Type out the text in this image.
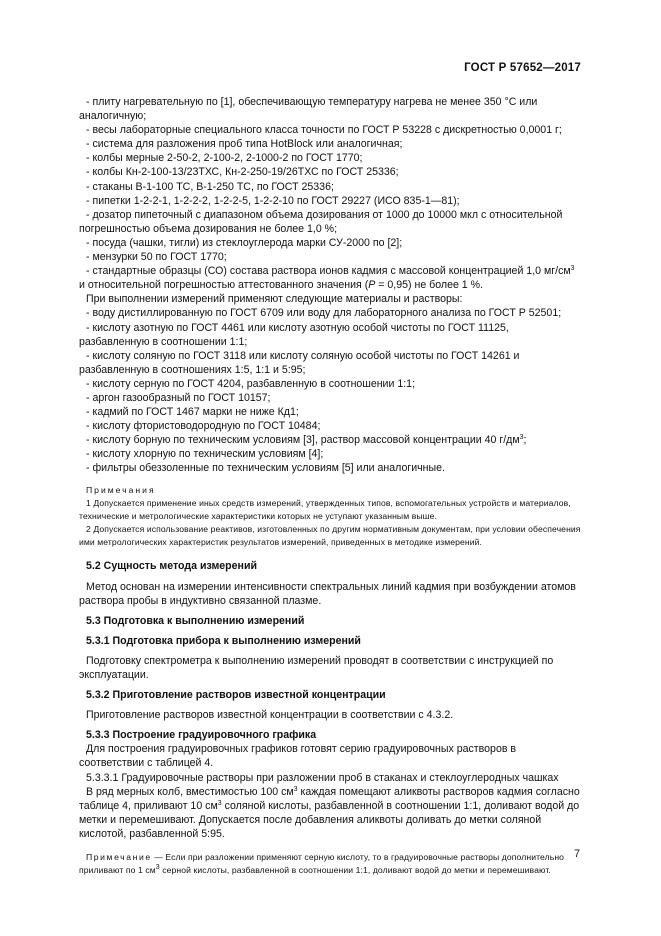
ГОСТ Р 57652—2017

- плиту нагревательную по [1], обеспечивающую температуру нагрева не менее 350 °С или аналогичную;

- весы лабораторные специального класса точности по ГОСТ Р 53228 с дискретностью 0,0001 г;

- система для разложения проб типа HotBlock или аналогичная;

- колбы мерные 2-50-2, 2-100-2, 2-1000-2 по ГОСТ 1770;

- колбы Кн-2-100-13/23ТХС, Кн-2-250-19/26ТХС по ГОСТ 25336;

- стаканы В-1-100 ТС, В-1-250 ТС, по ГОСТ 25336;

- пипетки 1-2-2-1, 1-2-2-2, 1-2-2-5, 1-2-2-10 по ГОСТ 29227 (ИСО 835-1—81);

- дозатор пипеточный с диапазоном объема дозирования от 1000 до 10000 мкл с относительной погрешностью объема дозирования не более 1,0 %;

- посуда (чашки, тигли) из стеклоуглерода марки СУ-2000 по [2];

- мензурки 50 по ГОСТ 1770;

- стандартные образцы (СО) состава раствора ионов кадмия с массовой концентрацией 1,0 $мг/см^3$ и относительной погрешностью аттестованного значения (Р = 0,95) не более 1 %.

При выполнении измерений применяют следующие материалы и растворы:

- воду дистиллированную по ГОСТ 6709 или воду для лабораторного анализа по ГОСТ Р 52501;

- кислоту азотную по ГОСТ 4461 или кислоту азотную особой чистоты по ГОСТ 11125, разбавленную в соотношении 1:1;

- кислоту соляную по ГОСТ 3118 или кислоту соляную особой чистоты по ГОСТ 14261 и разбавленную в соотношениях 1:5, 1:1 и 5:95;

- кислоту серную по ГОСТ 4204, разбавленную в соотношении 1:1;

- аргон газообразный по ГОСТ 10157;

- кадмий по ГОСТ 1467 марки не ниже Кд1;

- кислоту фтористоводородную по ГОСТ 10484;

- кислоту борную по техническим условиям [3], раствор массовой концентрации 40 $г/дм^3$;

- кислоту хлорную по техническим условиям [4];

- фильтры обеззоленные по техническим условиям [5] или аналогичные.

Примечания

1 Допускается применение иных средств измерений, утвержденных типов, вспомогательных устройств и материалов, технические и метрологические характеристики которых не уступают указанным выше.

2 Допускается использование реактивов, изготовленных по другим нормативным документам, при условии обеспечения ими метрологических характеристик результатов измерений, приведенных в методике измерений.

5.2 Сущность метода измерений

Метод основан на измерении интенсивности спектральных линий кадмия при возбуждении атомов раствора пробы в индуктивно связанной плазме.

5.3 Подготовка к выполнению измерений

5.3.1 Подготовка прибора к выполнению измерений

Подготовку спектрометра к выполнению измерений проводят в соответствии с инструкцией по эксплуатации.

5.3.2 Приготовление растворов известной концентрации

Приготовление растворов известной концентрации в соответствии с 4.3.2.

5.3.3 Построение градуировочного графика

Для построения градуировочных графиков готовят серию градуировочных растворов в соответствии с таблицей 4.

5.3.3.1 Градуировочные растворы при разложении проб в стаканах и стеклоуглеродных чашках

В ряд мерных колб, вместимостью 100 $см^3$ каждая помещают аликвоты растворов кадмия согласно таблице 4, приливают 10 $см^3$ соляной кислоты, разбавленной в соотношении 1:1, доливают водой до метки и перемешивают. Допускается после добавления аликвоты доливать до метки соляной кислотой, разбавленной 5:95.

Примечание — Если при разложении применяют серную кислоту, то в градуировочные растворы дополнительно приливают по 1 $см^3$ серной кислоты, разбавленной в соотношении 1:1, доливают водой до метки и перемешивают.

7
